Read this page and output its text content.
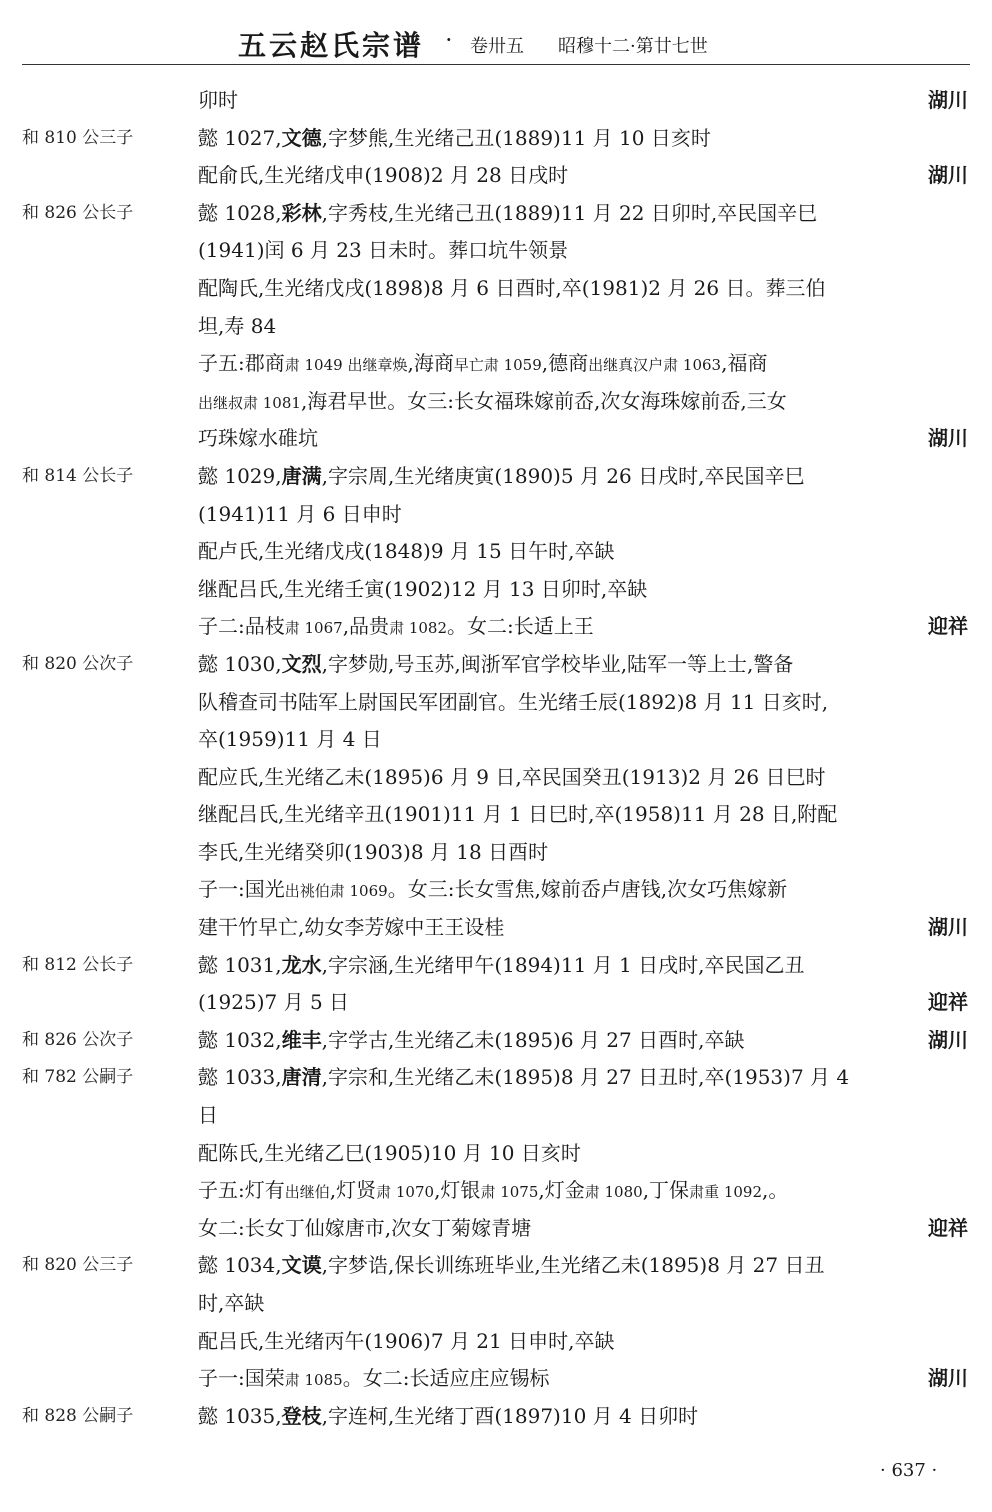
五云赵氏宗谱 · 卷卅五 昭穆十二·第廿七世
卯时	湖川
和 810 公三子	懿 1027,文德,字梦熊,生光绪己丑(1889)11 月 10 日亥时
配俞氏,生光绪戊申(1908)2 月 28 日戌时	湖川
和 826 公长子	懿 1028,彩林,字秀枝,生光绪己丑(1889)11 月 22 日卯时,卒民国辛巳
(1941)闰 6 月 23 日未时。葬口坑牛领景
配陶氏,生光绪戊戌(1898)8 月 6 日酉时,卒(1981)2 月 26 日。葬三伯
坦,寿 84
子五:郡商肃 1049 出继章焕,海商早亡肃 1059,德商出继真汉户肃 1063,福商
出继叔肃 1081,海君早世。女三:长女福珠嫁前岙,次女海珠嫁前岙,三女
巧珠嫁水碓坑	湖川
和 814 公长子	懿 1029,唐满,字宗周,生光绪庚寅(1890)5 月 26 日戌时,卒民国辛巳
(1941)11 月 6 日申时
配卢氏,生光绪戊戌(1848)9 月 15 日午时,卒缺
继配吕氏,生光绪壬寅(1902)12 月 13 日卯时,卒缺
子二:品枝肃 1067,品贵肃 1082。女二:长适上王	迎祥
和 820 公次子	懿 1030,文烈,字梦勋,号玉苏,闽浙军官学校毕业,陆军一等上士,警备
队稽查司书陆军上尉国民军团副官。生光绪壬辰(1892)8 月 11 日亥时,
卒(1959)11 月 4 日
配应氏,生光绪乙未(1895)6 月 9 日,卒民国癸丑(1913)2 月 26 日巳时
继配吕氏,生光绪辛丑(1901)11 月 1 日巳时,卒(1958)11 月 28 日,附配
李氏,生光绪癸卯(1903)8 月 18 日酉时
子一:国光出祧伯肃 1069。女三:长女雪焦,嫁前岙卢唐钱,次女巧焦嫁新
建干竹早亡,幼女李芳嫁中王王设桂	湖川
和 812 公长子	懿 1031,龙水,字宗涵,生光绪甲午(1894)11 月 1 日戌时,卒民国乙丑
(1925)7 月 5 日	迎祥
和 826 公次子	懿 1032,维丰,字学古,生光绪乙未(1895)6 月 27 日酉时,卒缺	湖川
和 782 公嗣子	懿 1033,唐清,字宗和,生光绪乙未(1895)8 月 27 日丑时,卒(1953)7 月 4
日
配陈氏,生光绪乙巳(1905)10 月 10 日亥时
子五:灯有出继伯,灯贤肃 1070,灯银肃 1075,灯金肃 1080,丁保肃重 1092,。
女二:长女丁仙嫁唐市,次女丁菊嫁青塘	迎祥
和 820 公三子	懿 1034,文谟,字梦诰,保长训练班毕业,生光绪乙未(1895)8 月 27 日丑
时,卒缺
配吕氏,生光绪丙午(1906)7 月 21 日申时,卒缺
子一:国荣肃 1085。女二:长适应庄应锡标	湖川
和 828 公嗣子	懿 1035,登枝,字连柯,生光绪丁酉(1897)10 月 4 日卯时
· 637 ·
